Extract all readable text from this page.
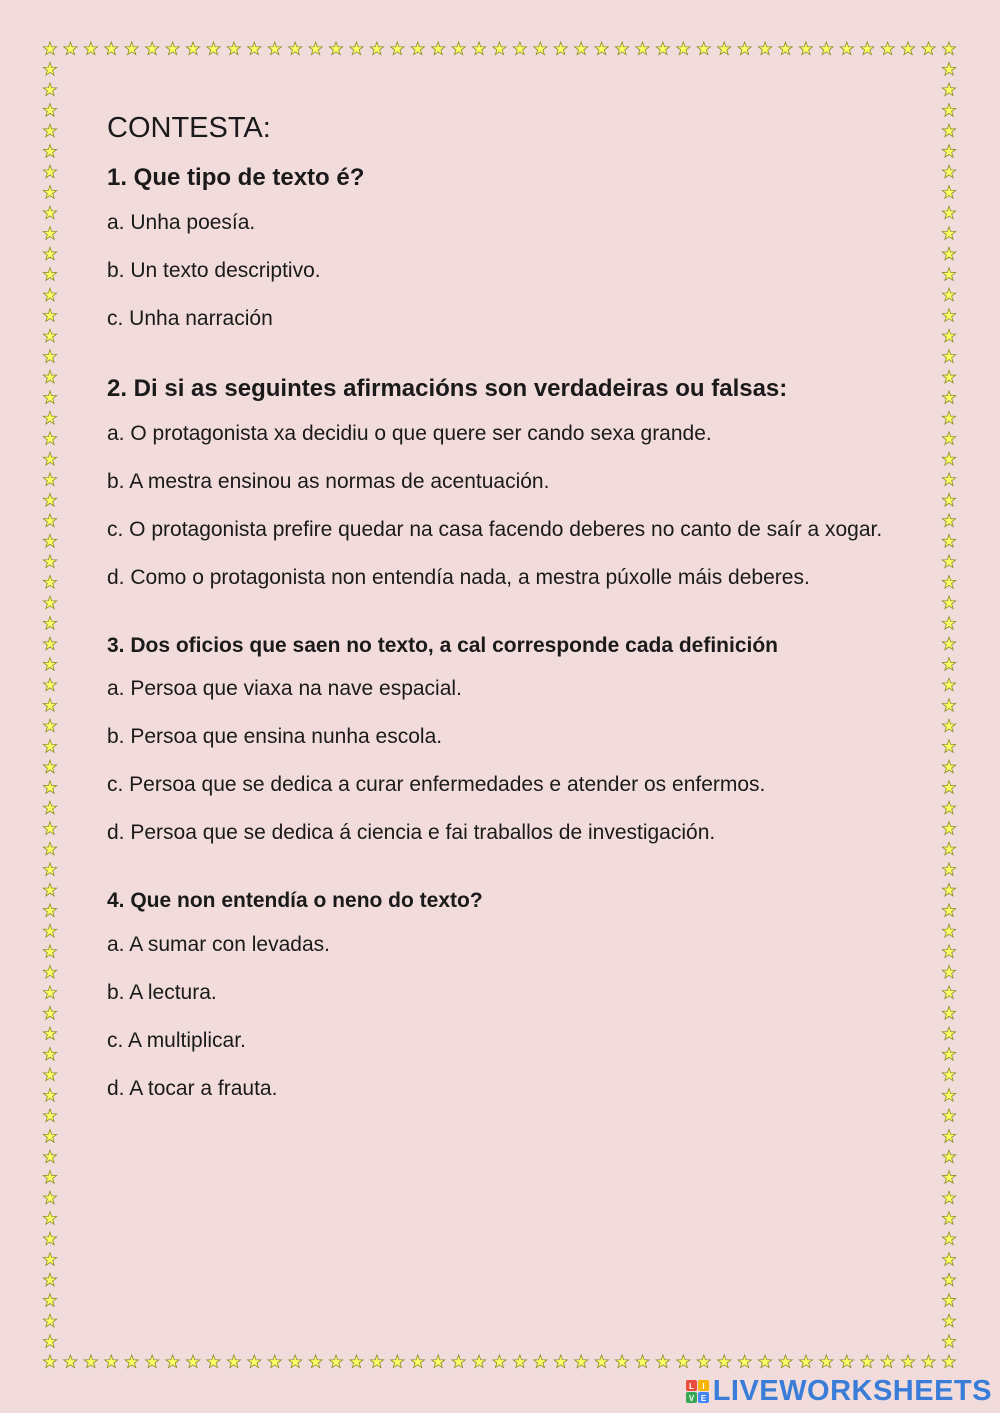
CONTESTA:
1. Que tipo de texto é?
a. Unha poesía.
b. Un texto descriptivo.
c. Unha narración
2. Di si as seguintes afirmacións son verdadeiras ou falsas:
a. O protagonista xa decidiu o que quere ser cando sexa grande.
b. A mestra ensinou as normas de acentuación.
c. O protagonista prefire quedar na casa facendo deberes no canto de saír a xogar.
d. Como o protagonista non entendía nada, a mestra púxolle máis deberes.
3. Dos oficios que saen no texto, a cal corresponde cada definición
a. Persoa que viaxa na nave espacial.
b. Persoa que ensina nunha escola.
c. Persoa que se dedica a curar enfermedades e atender os enfermos.
d. Persoa que se dedica á ciencia e fai traballos de investigación.
4. Que non entendía o neno do texto?
a. A sumar con levadas.
b. A lectura.
c. A multiplicar.
d. A tocar a frauta.
L I
V E LIVEWORKSHEETS
